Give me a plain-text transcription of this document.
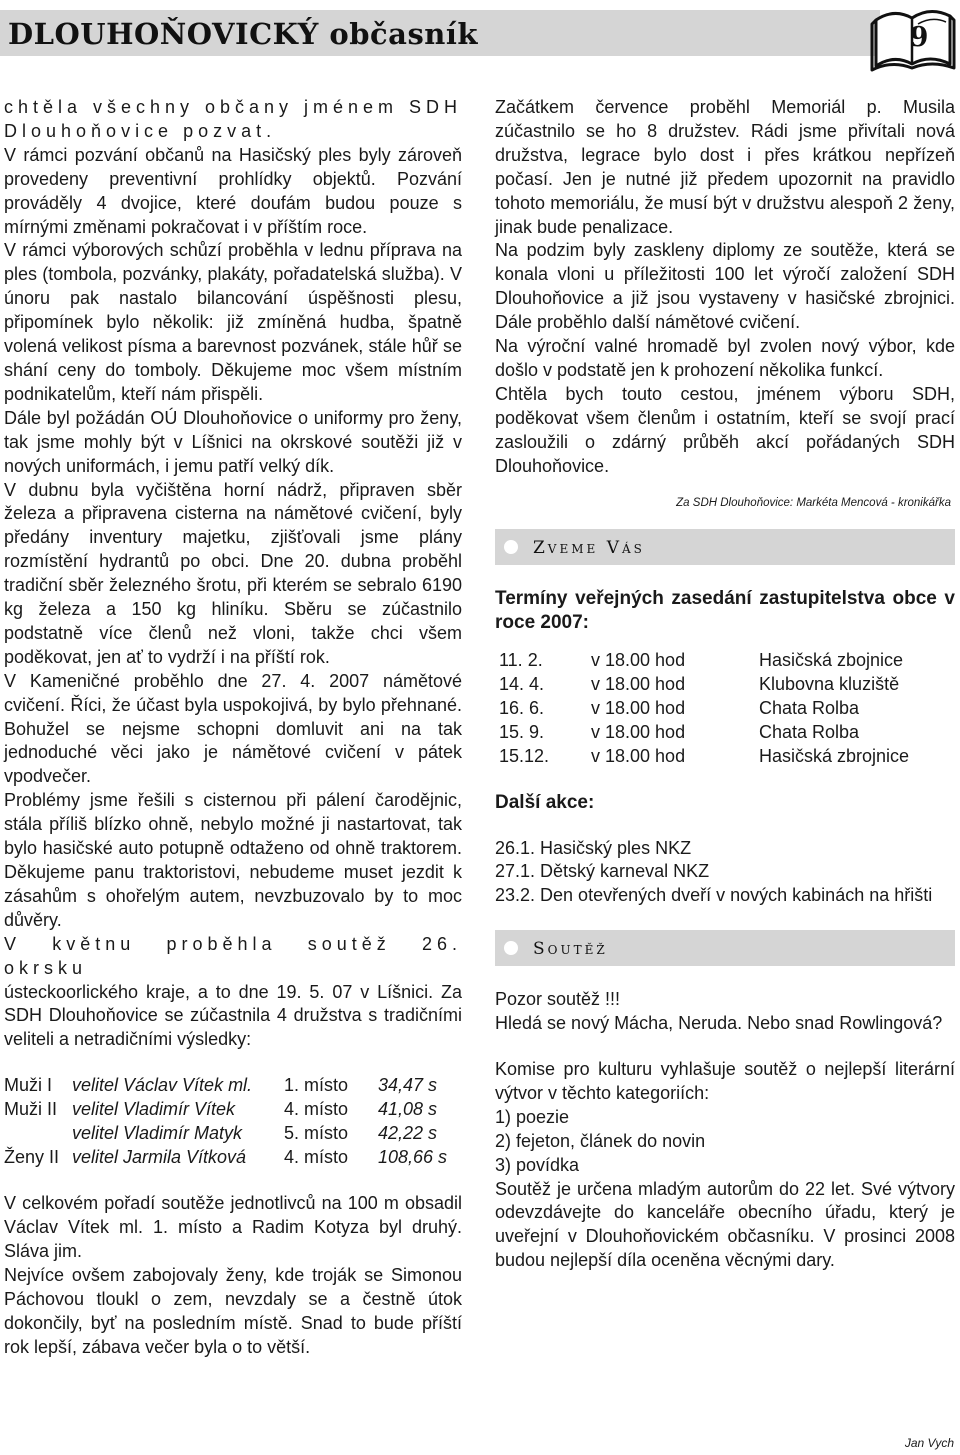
DLOUHOŇOVICKÝ občasník	9

chtěla všechny občany jménem SDH Dlouhoňovice pozvat.

V rámci pozvání občanů na Hasičský ples byly zároveň provedeny preventivní prohlídky objektů. Pozvání prováděly 4 dvojice, které doufám budou pouze s mírnými změnami pokračovat i v příštím roce.

V rámci výborových schůzí proběhla v lednu příprava na ples (tombola, pozvánky, plakáty, pořadatelská služba). V únoru pak nastalo bilancování úspěšnosti plesu, připomínek bylo několik: již zmíněná hudba, špatně volená velikost písma a barevnost pozvánek, stále hůř se shání ceny do tomboly. Děkujeme moc všem místním podnikatelům, kteří nám přispěli.

Dále byl požádán OÚ Dlouhoňovice o uniformy pro ženy, tak jsme mohly být v Líšnici na okrskové soutěži již v nových uniformách, i jemu patří velký dík.

V dubnu byla vyčištěna horní nádrž, připraven sběr železa a připravena cisterna na námětové cvičení, byly předány inventury majetku, zjišťovali jsme plány rozmístění hydrantů po obci. Dne 20. dubna proběhl tradiční sběr železného šrotu, při kterém se sebralo 6190 kg železa a 150 kg hliníku. Sběru se zúčastnilo podstatně více členů než vloni, takže chci všem poděkovat, jen ať to vydrží i na příští rok.

V Kameničné proběhlo dne 27. 4. 2007 námětové cvičení. Říci, že účast byla uspokojivá, by bylo přehnané. Bohužel se nejsme schopni domluvit ani na tak jednoduché věci jako je námětové cvičení v pátek vpodvečer.

Problémy jsme řešili s cisternou při pálení čarodějnic, stála příliš blízko ohně, nebylo možné ji nastartovat, tak bylo hasičské auto potupně odtaženo od ohně traktorem. Děkujeme panu traktoristovi, nebudeme muset jezdit k zásahům s ohořelým autem, nevzbuzovalo by to moc důvěry.

V květnu proběhla soutěž 26. okrsku

ústeckoorlického kraje, a to dne 19. 5. 07 v Líšnici. Za SDH Dlouhoňovice se zúčastnila 4 družstva s tradičními veliteli a netradičními výsledky:

Muži I	velitel Václav Vítek ml.	1. místo	34,47 s
Muži II	velitel Vladimír Vítek	4. místo	41,08 s
	velitel Vladimír Matyk	5. místo	42,22 s
Ženy II	velitel Jarmila Vítková	4. místo	108,66 s

V celkovém pořadí soutěže jednotlivců na 100 m obsadil Václav Vítek ml. 1. místo a Radim Kotyza byl druhý. Sláva jim.

Nejvíce ovšem zabojovaly ženy, kde troják se Simonou Páchovou tloukl o zem, nevzdaly se a čestně útok dokončily, byť na posledním místě. Snad to bude příští rok lepší, zábava večer byla o to větší.

Začátkem července proběhl Memoriál p. Musila zúčastnilo se ho 8 družstev. Rádi jsme přivítali nová družstva, legrace bylo dost i přes krátkou nepřízeň počasí. Jen je nutné již předem upozornit na pravidlo tohoto memoriálu, že musí být v družstvu alespoň 2 ženy, jinak bude penalizace.

Na podzim byly zaskleny diplomy ze soutěže, která se konala vloni u příležitosti 100 let výročí založení SDH Dlouhoňovice a již jsou vystaveny v hasičské zbrojnici. Dále proběhlo další námětové cvičení.

Na výroční valné hromadě byl zvolen nový výbor, kde došlo v podstatě jen k prohození několika funkcí.

Chtěla bych touto cestou, jménem výboru SDH, poděkovat všem členům i ostatním, kteří se svojí prací zasloužili o zdárný průběh akcí pořádaných SDH Dlouhoňovice.

Za SDH Dlouhoňovice: Markéta Mencová - kronikářka
Zveme Vás
Termíny veřejných zasedání zastupitelstva obce v roce 2007:
11. 2.	v 18.00 hod	Hasičská zbojnice
14. 4.	v 18.00 hod	Klubovna kluziště
16. 6.	v 18.00 hod	Chata Rolba
15. 9.	v 18.00 hod	Chata Rolba
15.12.	v 18.00 hod	Hasičská zbrojnice
Další akce:

26.1. Hasičský ples NKZ

27.1. Dětský karneval NKZ

23.2. Den otevřených dveří v nových kabinách na hřišti

Soutěž

Pozor soutěž !!!

Hledá se nový Mácha, Neruda. Nebo snad Rowlingová?

Komise pro kulturu vyhlašuje soutěž o nejlepší literární výtvor v těchto kategoriích:

1) poezie

2) fejeton, článek do novin

3) povídka

Soutěž je určena mladým autorům do 22 let. Své výtvory odevzdávejte do kanceláře obecního úřadu, který je uveřejní v Dlouhoňovickém občasníku. V prosinci 2008 budou nejlepší díla oceněna věcnými dary.

Jan Vych
